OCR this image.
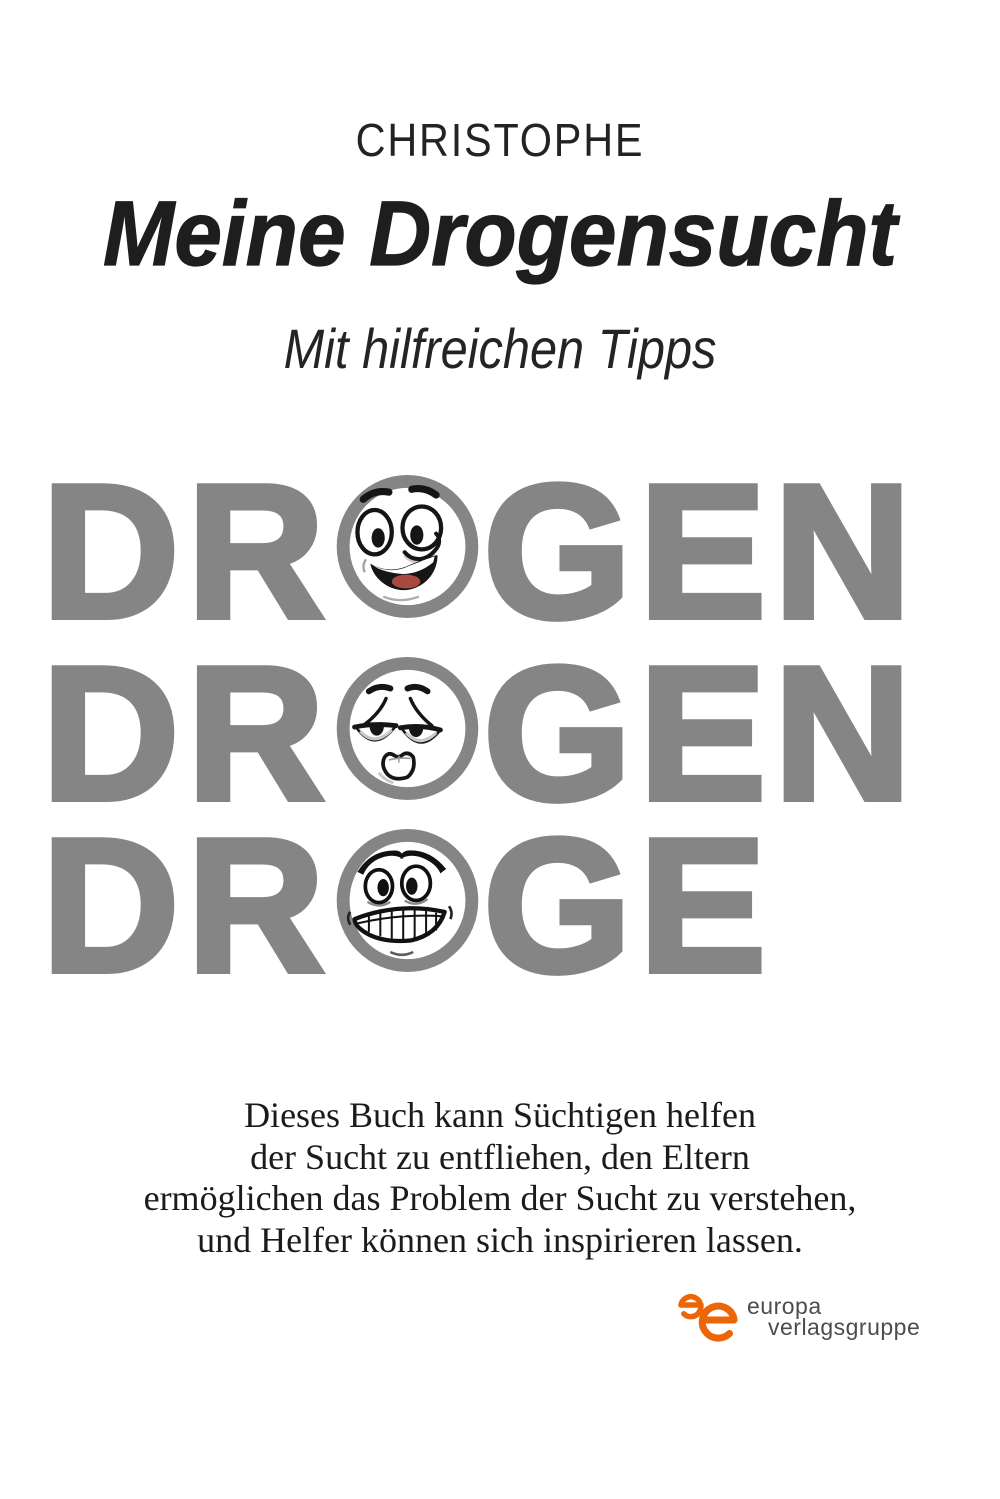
CHRISTOPHE
Meine Drogensucht
Mit hilfreichen Tipps
DR GEN
DR GEN
DR GE
Dieses Buch kann Süchtigen helfen
der Sucht zu entfliehen, den Eltern
ermöglichen das Problem der Sucht zu verstehen,
und Helfer können sich inspirieren lassen.
europa
verlagsgruppe
